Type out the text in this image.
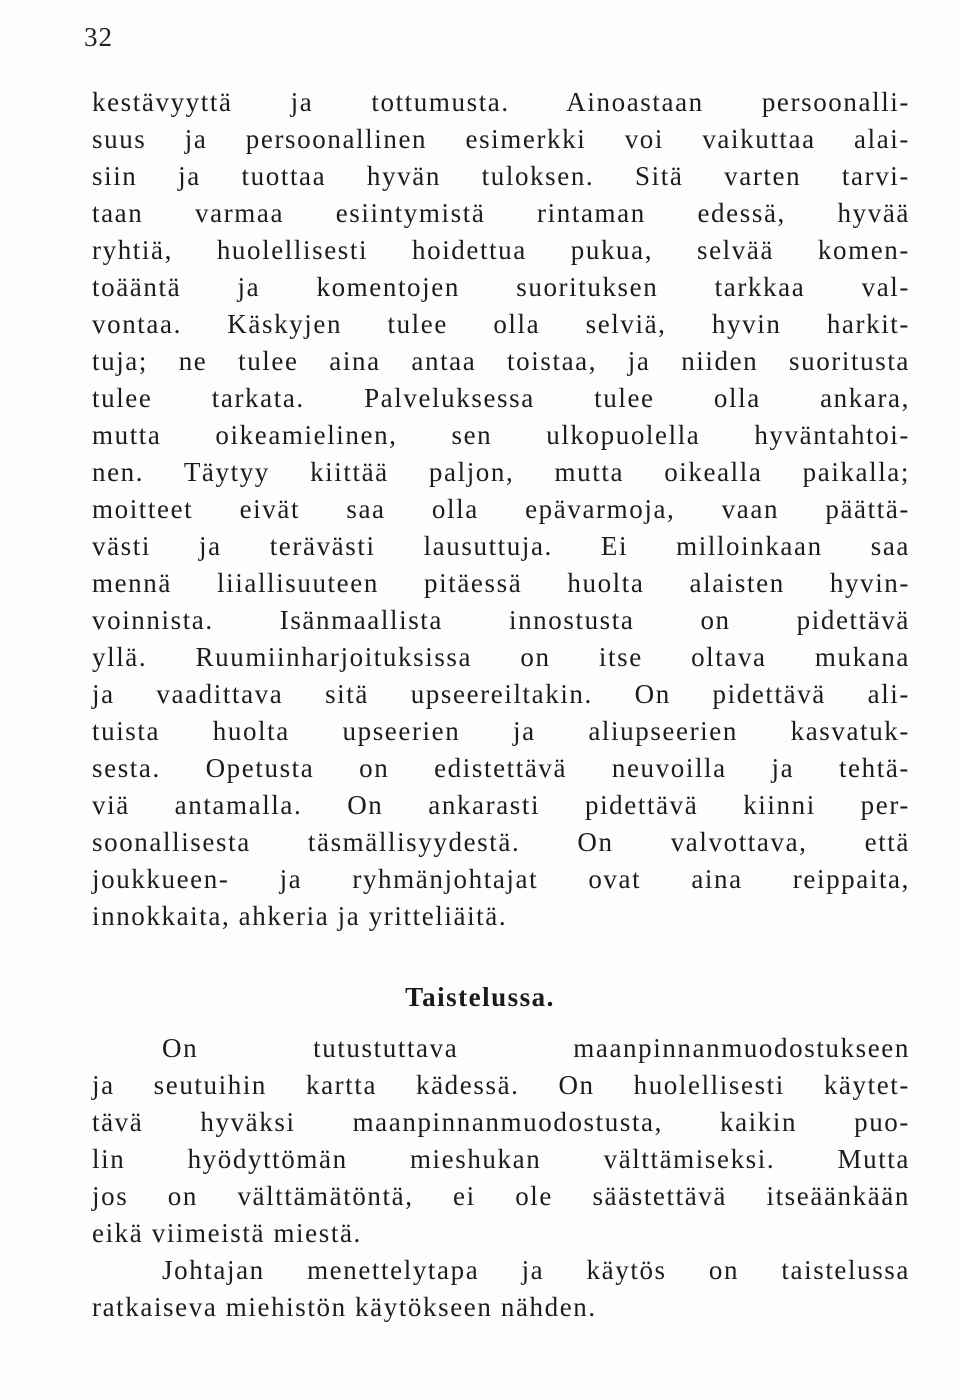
32
kestävyyttä ja tottumusta. Ainoastaan persoonalli-
suus ja persoonallinen esimerkki voi vaikuttaa alai-
siin ja tuottaa hyvän tuloksen. Sitä varten tarvi-
taan varmaa esiintymistä rintaman edessä, hyvää
ryhtiä, huolellisesti hoidettua pukua, selvää komen-
toääntä ja komentojen suorituksen tarkkaa val-
vontaa. Käskyjen tulee olla selviä, hyvin harkit-
tuja; ne tulee aina antaa toistaa, ja niiden suoritusta
tulee tarkata. Palveluksessa tulee olla ankara,
mutta oikeamielinen, sen ulkopuolella hyväntahtoi-
nen. Täytyy kiittää paljon, mutta oikealla paikalla;
moitteet eivät saa olla epävarmoja, vaan päättä-
västi ja terävästi lausuttuja. Ei milloinkaan saa
mennä liiallisuuteen pitäessä huolta alaisten hyvin-
voinnista. Isänmaallista innostusta on pidettävä
yllä. Ruumiinharjoituksissa on itse oltava mukana
ja vaadittava sitä upseereiltakin. On pidettävä ali-
tuista huolta upseerien ja aliupseerien kasvatuk-
sesta. Opetusta on edistettävä neuvoilla ja tehtä-
viä antamalla. On ankarasti pidettävä kiinni per-
soonallisesta täsmällisyydestä. On valvottava, että
joukkueen- ja ryhmänjohtajat ovat aina reippaita,
innokkaita, ahkeria ja yritteliäitä.
Taistelussa.
On tutustuttava maanpinnanmuodostukseen
ja seutuihin kartta kädessä. On huolellisesti käytet-
tävä hyväksi maanpinnanmuodostusta, kaikin puo-
lin hyödyttömän mieshukan välttämiseksi. Mutta
jos on välttämätöntä, ei ole säästettävä itseäänkään
eikä viimeistä miestä.
Johtajan menettelytapa ja käytös on taistelussa
ratkaiseva miehistön käytökseen nähden.
